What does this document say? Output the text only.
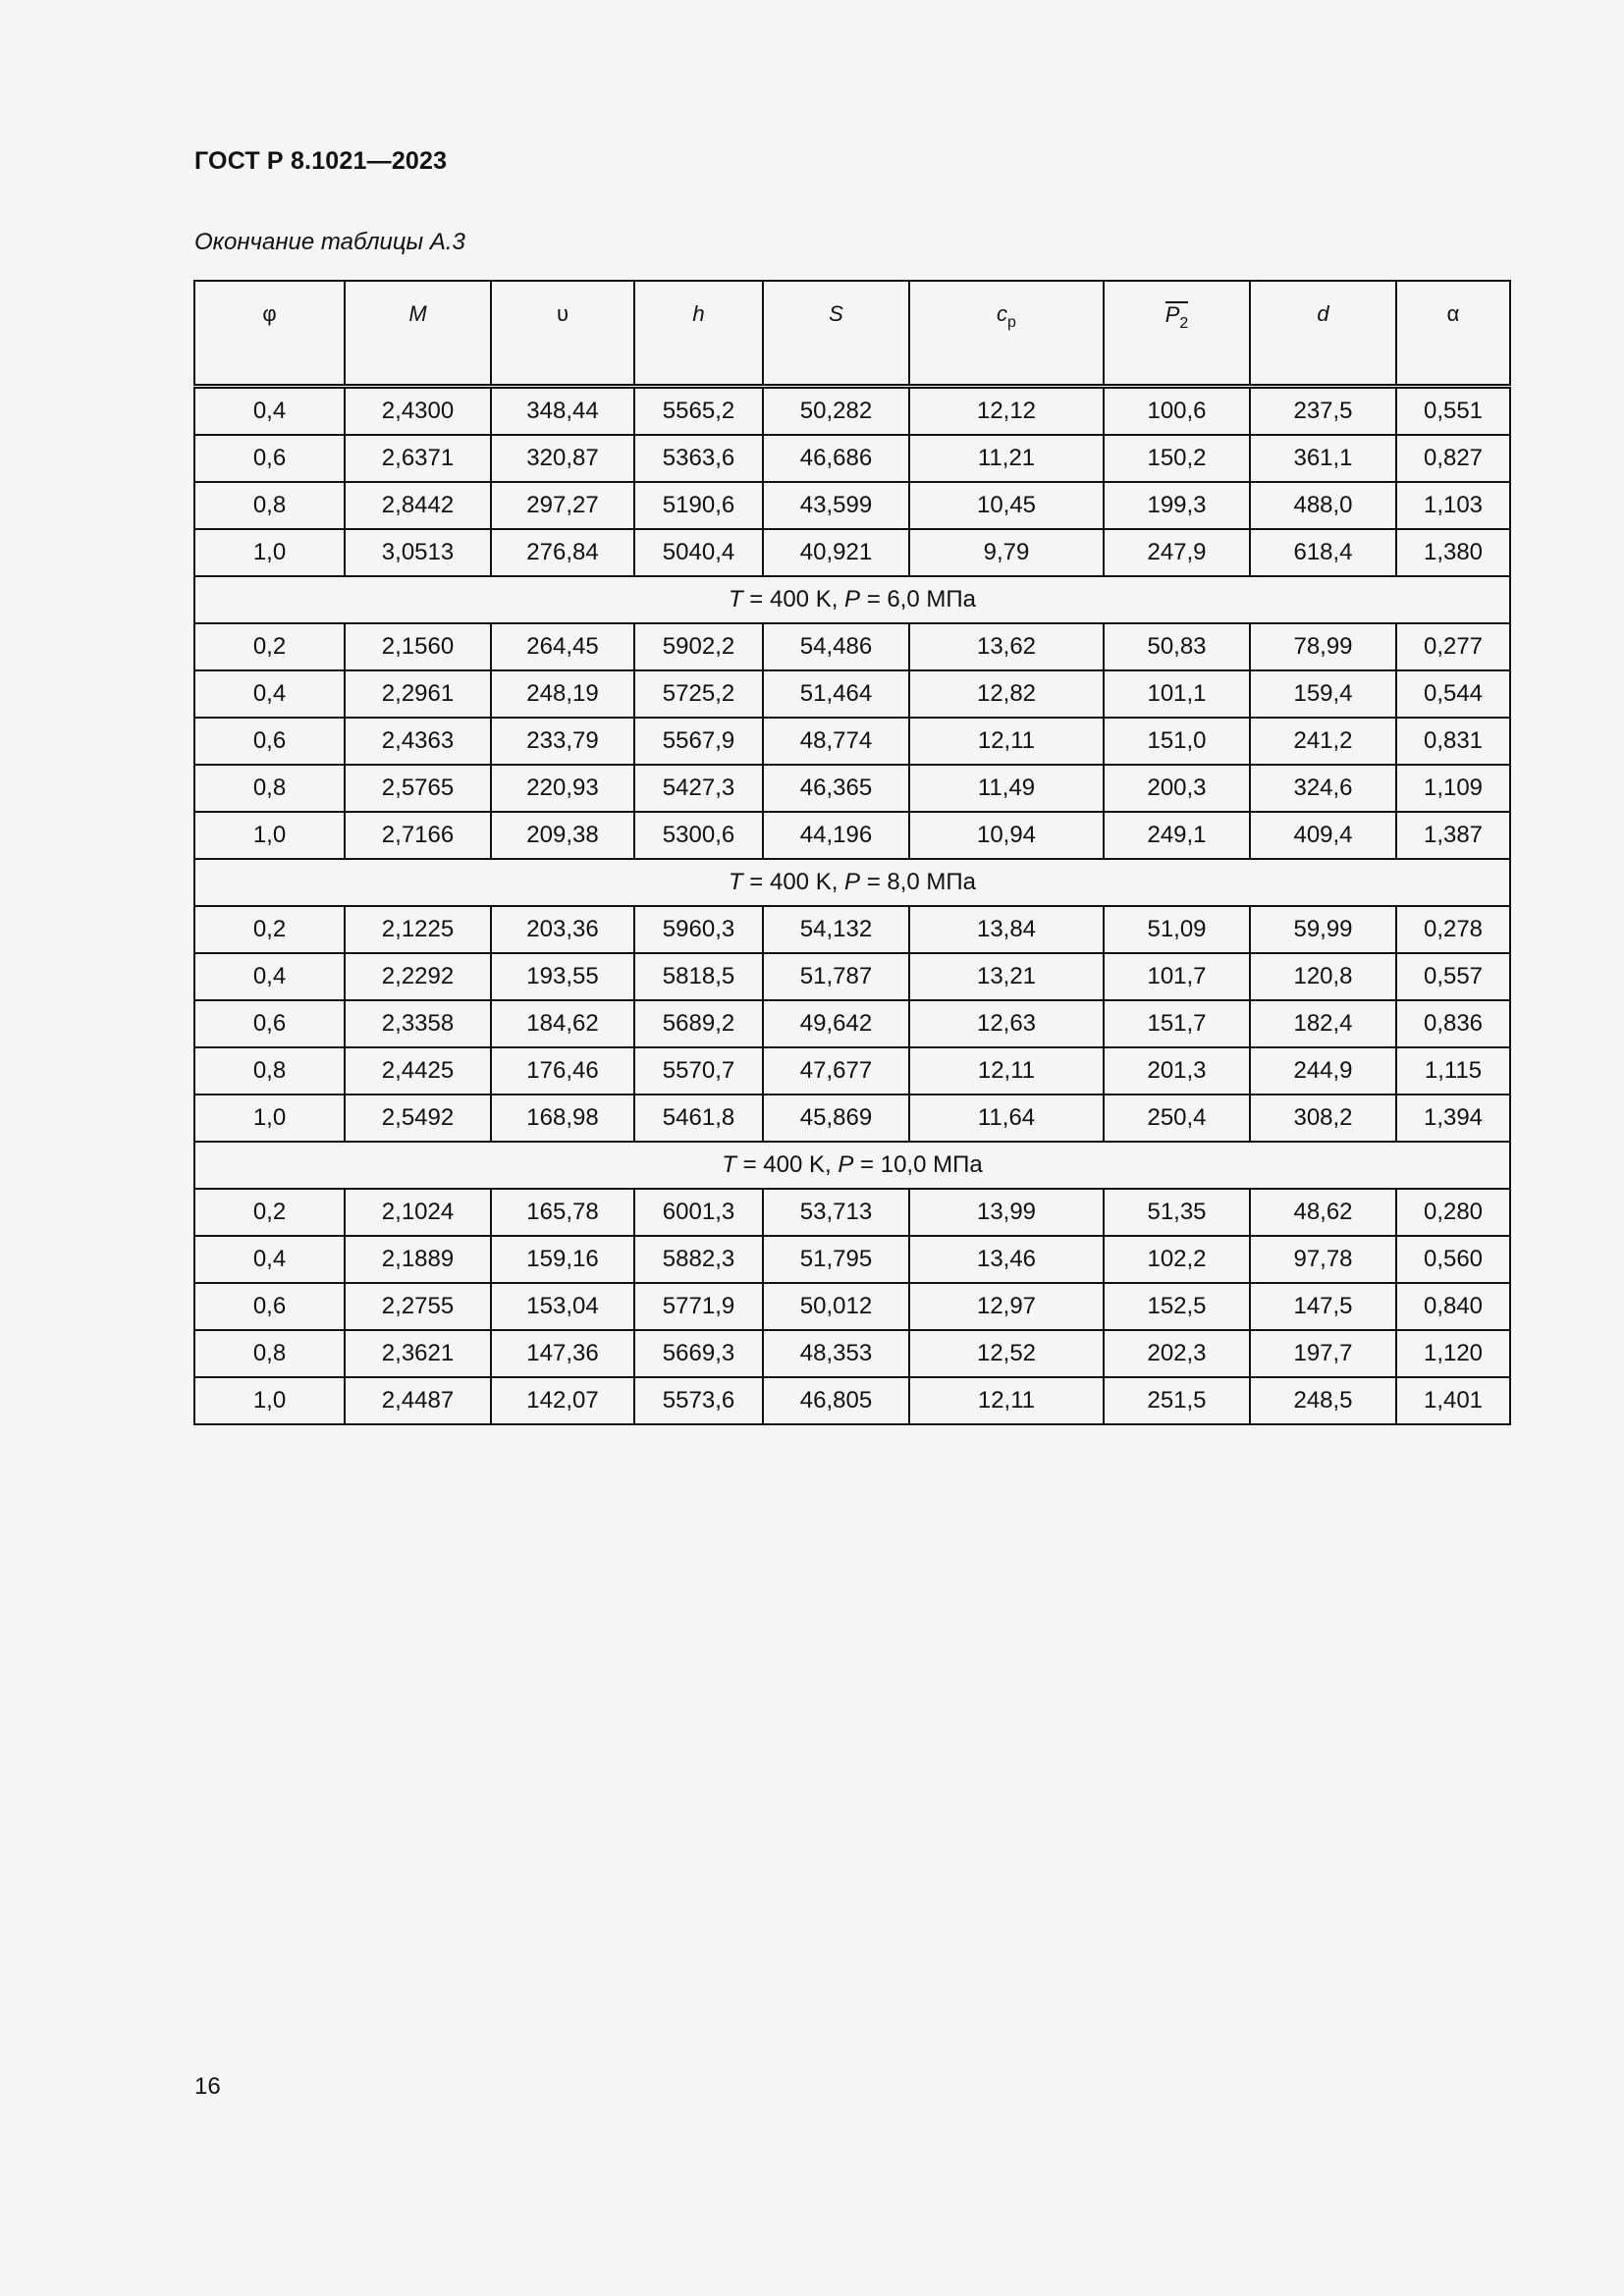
ГОСТ Р 8.1021—2023
Окончание таблицы А.3
φ	M	υ	h	S	$c_p$	$P_2$	d	α
0,4	2,4300	348,44	5565,2	50,282	12,12	100,6	237,5	0,551
0,6	2,6371	320,87	5363,6	46,686	11,21	150,2	361,1	0,827
0,8	2,8442	297,27	5190,6	43,599	10,45	199,3	488,0	1,103
1,0	3,0513	276,84	5040,4	40,921	9,79	247,9	618,4	1,380
T = 400 K, P = 6,0 МПа								
0,2	2,1560	264,45	5902,2	54,486	13,62	50,83	78,99	0,277
0,4	2,2961	248,19	5725,2	51,464	12,82	101,1	159,4	0,544
0,6	2,4363	233,79	5567,9	48,774	12,11	151,0	241,2	0,831
0,8	2,5765	220,93	5427,3	46,365	11,49	200,3	324,6	1,109
1,0	2,7166	209,38	5300,6	44,196	10,94	249,1	409,4	1,387
T = 400 K, P = 8,0 МПа								
0,2	2,1225	203,36	5960,3	54,132	13,84	51,09	59,99	0,278
0,4	2,2292	193,55	5818,5	51,787	13,21	101,7	120,8	0,557
0,6	2,3358	184,62	5689,2	49,642	12,63	151,7	182,4	0,836
0,8	2,4425	176,46	5570,7	47,677	12,11	201,3	244,9	1,115
1,0	2,5492	168,98	5461,8	45,869	11,64	250,4	308,2	1,394
T = 400 K, P = 10,0 МПа								
0,2	2,1024	165,78	6001,3	53,713	13,99	51,35	48,62	0,280
0,4	2,1889	159,16	5882,3	51,795	13,46	102,2	97,78	0,560
0,6	2,2755	153,04	5771,9	50,012	12,97	152,5	147,5	0,840
0,8	2,3621	147,36	5669,3	48,353	12,52	202,3	197,7	1,120
1,0	2,4487	142,07	5573,6	46,805	12,11	251,5	248,5	1,401
16
